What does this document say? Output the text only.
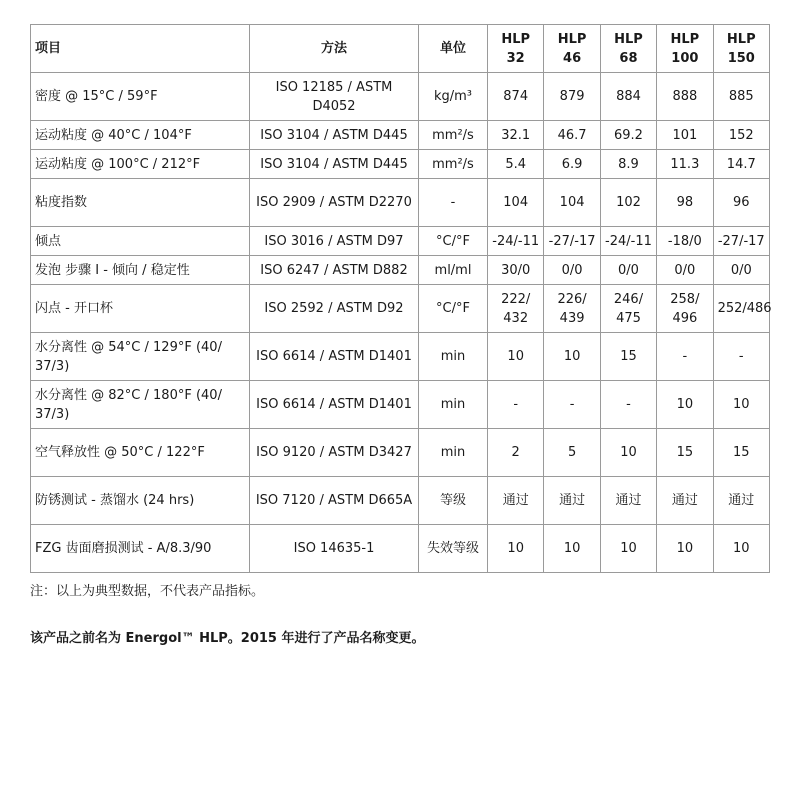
项目	方法	单位	HLP 32	HLP 46	HLP 68	HLP 100	HLP 150
密度 @ 15°C / 59°F	ISO 12185 / ASTM D4052	kg/m³	874	879	884	888	885
运动粘度 @ 40°C / 104°F	ISO 3104 / ASTM D445	mm²/s	32.1	46.7	69.2	101	152
运动粘度 @ 100°C / 212°F	ISO 3104 / ASTM D445	mm²/s	5.4	6.9	8.9	11.3	14.7
粘度指数	ISO 2909 / ASTM D2270	-	104	104	102	98	96
倾点	ISO 3016 / ASTM D97	°C/°F	-24/-11	-27/-17	-24/-11	-18/0	-27/-17
发泡 步骤 I - 倾向 / 稳定性	ISO 6247 / ASTM D882	ml/ml	30/0	0/0	0/0	0/0	0/0
闪点 - 开口杯	ISO 2592 / ASTM D92	°C/°F	222/ 432	226/ 439	246/ 475	258/ 496	252/486
水分离性 @ 54°C / 129°F (40/ 37/3)	ISO 6614 / ASTM D1401	min	10	10	15	-	-
水分离性 @ 82°C / 180°F (40/ 37/3)	ISO 6614 / ASTM D1401	min	-	-	-	10	10
空气释放性 @ 50°C / 122°F	ISO 9120 / ASTM D3427	min	2	5	10	15	15
防锈测试 - 蒸馏水 (24 hrs)	ISO 7120 / ASTM D665A	等级	通过	通过	通过	通过	通过
FZG 齿面磨损测试 - A/8.3/90	ISO 14635-1	失效等级	10	10	10	10	10
注：以上为典型数据，不代表产品指标。
该产品之前名为 Energol™ HLP。2015 年进行了产品名称变更。
